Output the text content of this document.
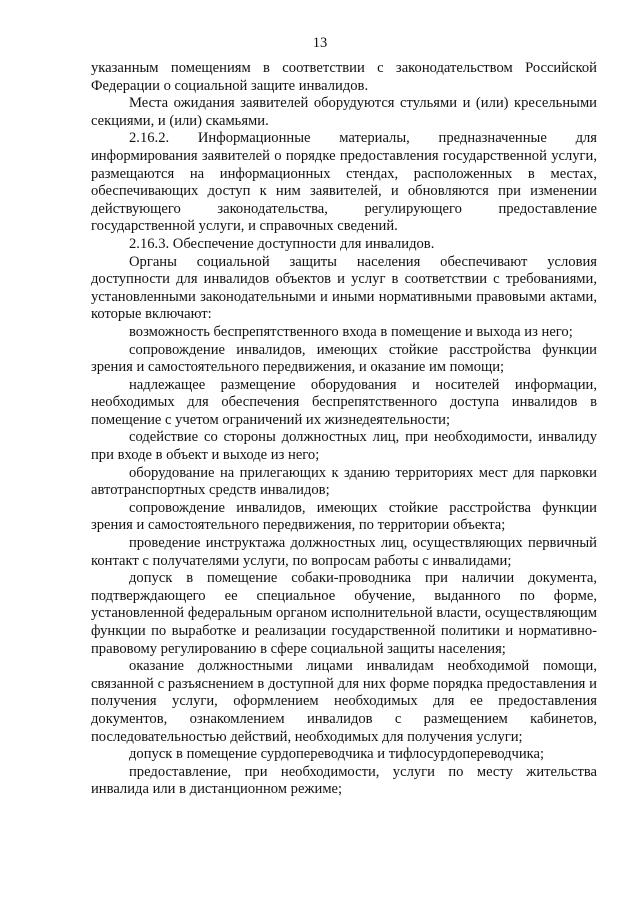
13

указанным помещениям в соответствии с законодательством Российской Федерации о социальной защите инвалидов.

Места ожидания заявителей оборудуются стульями и (или) кресельными секциями, и (или) скамьями.

2.16.2. Информационные материалы, предназначенные для информирования заявителей о порядке предоставления государственной услуги, размещаются на информационных стендах, расположенных в местах, обеспечивающих доступ к ним заявителей, и обновляются при изменении действующего законодательства, регулирующего предоставление государственной услуги, и справочных сведений.

2.16.3. Обеспечение доступности для инвалидов.

Органы социальной защиты населения обеспечивают условия доступности для инвалидов объектов и услуг в соответствии с требованиями, установленными законодательными и иными нормативными правовыми актами, которые включают:

возможность беспрепятственного входа в помещение и выхода из него;

сопровождение инвалидов, имеющих стойкие расстройства функции зрения и самостоятельного передвижения, и оказание им помощи;

надлежащее размещение оборудования и носителей информации, необходимых для обеспечения беспрепятственного доступа инвалидов в помещение с учетом ограничений их жизнедеятельности;

содействие со стороны должностных лиц, при необходимости, инвалиду при входе в объект и выходе из него;

оборудование на прилегающих к зданию территориях мест для парковки автотранспортных средств инвалидов;

сопровождение инвалидов, имеющих стойкие расстройства функции зрения и самостоятельного передвижения, по территории объекта;

проведение инструктажа должностных лиц, осуществляющих первичный контакт с получателями услуги, по вопросам работы с инвалидами;

допуск в помещение собаки-проводника при наличии документа, подтверждающего ее специальное обучение, выданного по форме, установленной федеральным органом исполнительной власти, осуществляющим функции по выработке и реализации государственной политики и нормативно-правовому регулированию в сфере социальной защиты населения;

оказание должностными лицами инвалидам необходимой помощи, связанной с разъяснением в доступной для них форме порядка предоставления и получения услуги, оформлением необходимых для ее предоставления документов, ознакомлением инвалидов с размещением кабинетов, последовательностью действий, необходимых для получения услуги;

допуск в помещение сурдопереводчика и тифлосурдопереводчика;

предоставление, при необходимости, услуги по месту жительства инвалида или в дистанционном режиме;
